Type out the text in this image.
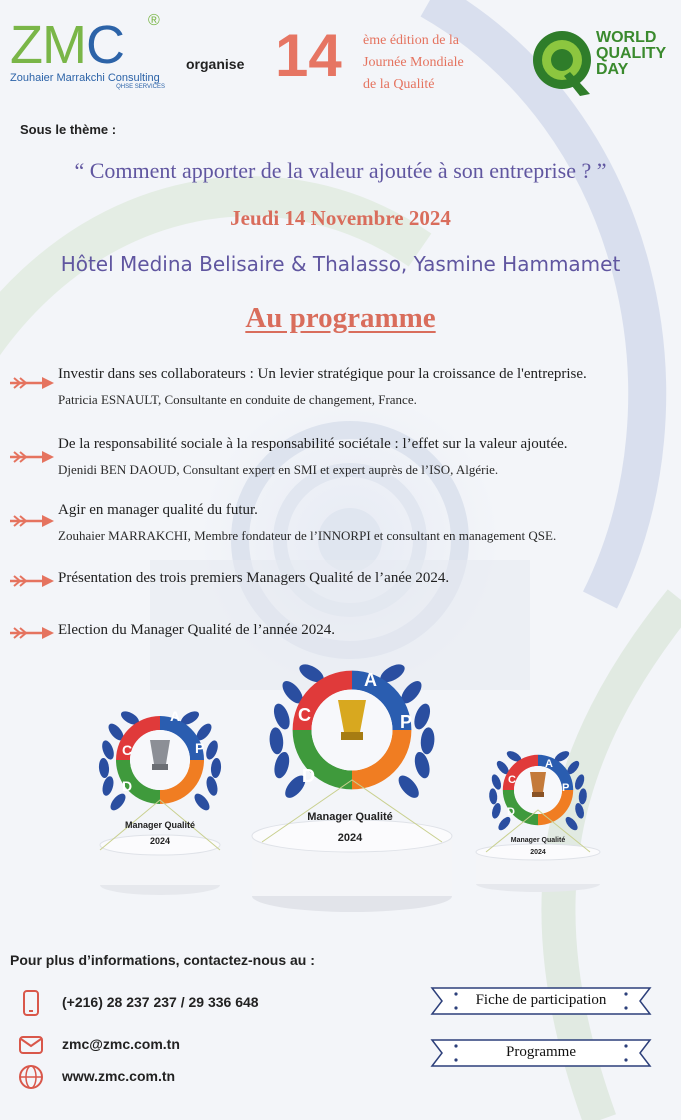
ZMC	®
Zouhaier Marrakchi Consulting
QHSE SERVICES
organise 14 ème édition de la
Journée Mondiale
de la Qualité
WORLD
QUALITY
DAY
Sous le thème :
“ Comment apporter de la valeur ajoutée à son entreprise ? ”
Jeudi 14 Novembre 2024
Hôtel Medina Belisaire & Thalasso, Yasmine Hammamet
Au programme
Investir dans ses collaborateurs : Un levier stratégique pour la croissance de l'entreprise.
Patricia ESNAULT, Consultante en conduite de changement, France.
De la responsabilité sociale à la responsabilité sociétale : l’effet sur la valeur ajoutée.
Djenidi BEN DAOUD, Consultant expert en SMI et expert auprès de l’ISO, Algérie.
Agir en manager qualité du futur.
Zouhaier MARRAKCHI, Membre fondateur de l’INNORPI et consultant en management QSE.
Présentation des trois premiers Managers Qualité de l’anée 2024.
Election du Manager Qualité de l’année 2024.
P
D
C
A
Manager Qualité
2024
P
D
C
A
Manager Qualité
2024
P
D
C
A
Manager Qualité
2024
Pour plus d’informations, contactez-nous au :
(+216) 28 237 237 / 29 336 648
zmc@zmc.com.tn
www.zmc.com.tn
Fiche de participation
Programme
